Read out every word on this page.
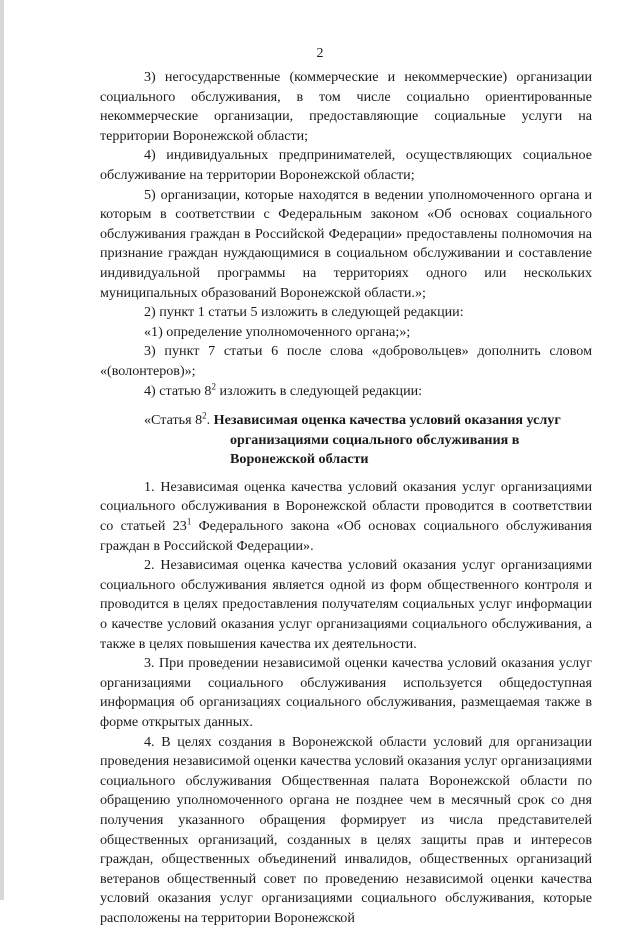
2

3) негосударственные (коммерческие и некоммерческие) организации социального обслуживания, в том числе социально ориентированные некоммерческие организации, предоставляющие социальные услуги на территории Воронежской области;

4) индивидуальных предпринимателей, осуществляющих социальное обслуживание на территории Воронежской области;

5) организации, которые находятся в ведении уполномоченного органа и которым в соответствии с Федеральным законом «Об основах социального обслуживания граждан в Российской Федерации» предоставлены полномочия на признание граждан нуждающимися в социальном обслуживании и составление индивидуальной программы на территориях одного или нескольких муниципальных образований Воронежской области.»;

2) пункт 1 статьи 5 изложить в следующей редакции:

«1) определение уполномоченного органа;»;

3) пункт 7 статьи 6 после слова «добровольцев» дополнить словом «(волонтеров)»;

4) статью $8^2$ изложить в следующей редакции:

«Статья $8^2$. Независимая оценка качества условий оказания услуг
организациями социального обслуживания в Воронежской области

1. Независимая оценка качества условий оказания услуг организациями социального обслуживания в Воронежской области проводится в соответствии со статьей $23^1$ Федерального закона «Об основах социального обслуживания граждан в Российской Федерации».

2. Независимая оценка качества условий оказания услуг организациями социального обслуживания является одной из форм общественного контроля и проводится в целях предоставления получателям социальных услуг информации о качестве условий оказания услуг организациями социального обслуживания, а также в целях повышения качества их деятельности.

3. При проведении независимой оценки качества условий оказания услуг организациями социального обслуживания используется общедоступная информация об организациях социального обслуживания, размещаемая также в форме открытых данных.

4. В целях создания в Воронежской области условий для организации проведения независимой оценки качества условий оказания услуг организациями социального обслуживания Общественная палата Воронежской области по обращению уполномоченного органа не позднее чем в месячный срок со дня получения указанного обращения формирует из числа представителей общественных организаций, созданных в целях защиты прав и интересов граждан, общественных объединений инвалидов, общественных организаций ветеранов общественный совет по проведению независимой оценки качества условий оказания услуг организациями социального обслуживания, которые расположены на территории Воронежской
